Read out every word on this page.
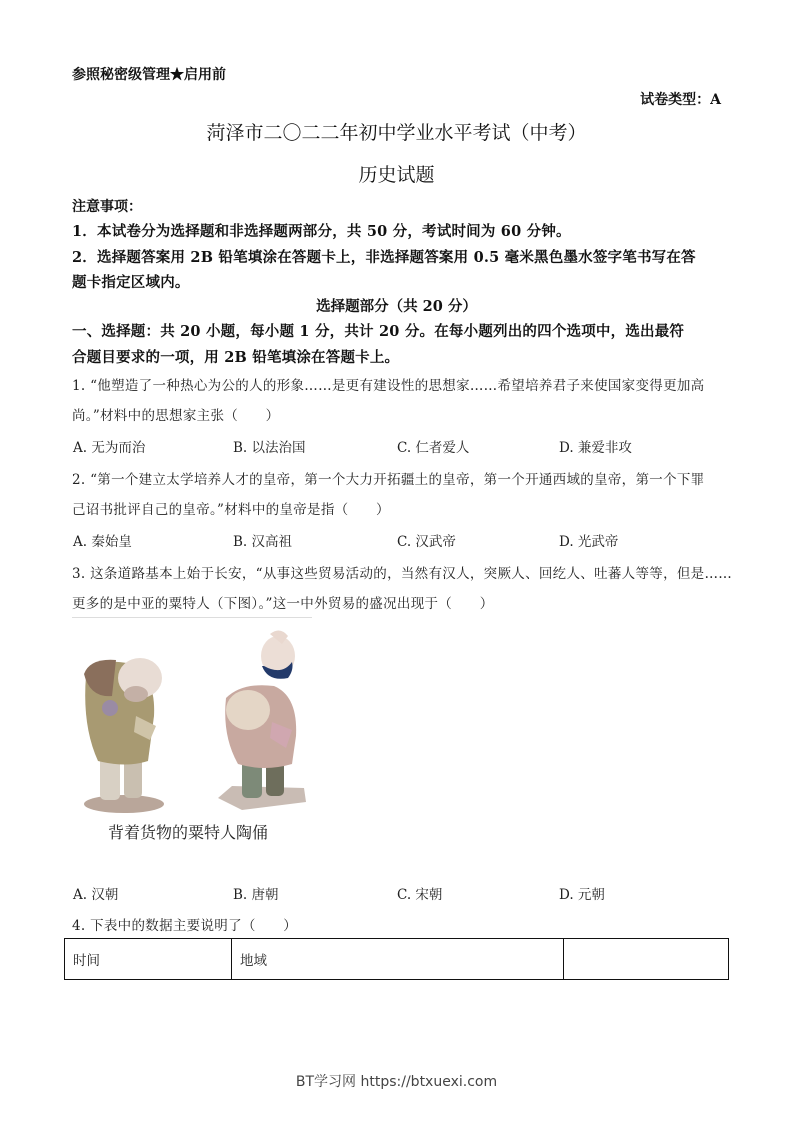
参照秘密级管理★启用前
试卷类型：A
菏泽市二〇二二年初中学业水平考试（中考）
历史试题
注意事项：
1．本试卷分为选择题和非选择题两部分，共 50 分，考试时间为 60 分钟。
2．选择题答案用 2B 铅笔填涂在答题卡上，非选择题答案用 0.5 毫米黑色墨水签字笔书写在答
题卡指定区域内。
选择题部分（共 20 分）
一、选择题：共 20 小题，每小题 1 分，共计 20 分。在每小题列出的四个选项中，选出最符
合题目要求的一项，用 2B 铅笔填涂在答题卡上。
1. “他塑造了一种热心为公的人的形象……是更有建设性的思想家……希望培养君子来使国家变得更加高
尚。”材料中的思想家主张（　　）
A. 无为而治	B. 以法治国	C. 仁者爱人	D. 兼爱非攻
2. “第一个建立太学培养人才的皇帝，第一个大力开拓疆土的皇帝，第一个开通西域的皇帝，第一个下罪
己诏书批评自己的皇帝。”材料中的皇帝是指（　　）
A. 秦始皇	B. 汉高祖	C. 汉武帝	D. 光武帝
3. 这条道路基本上始于长安，“从事这些贸易活动的，当然有汉人，突厥人、回纥人、吐蕃人等等，但是……
更多的是中亚的粟特人（下图）。”这一中外贸易的盛况出现于（　　）
背着货物的粟特人陶俑
A. 汉朝	B. 唐朝	C. 宋朝	D. 元朝
4. 下表中的数据主要说明了（　　）
时间	地域	
BT学习网 https://btxuexi.com
